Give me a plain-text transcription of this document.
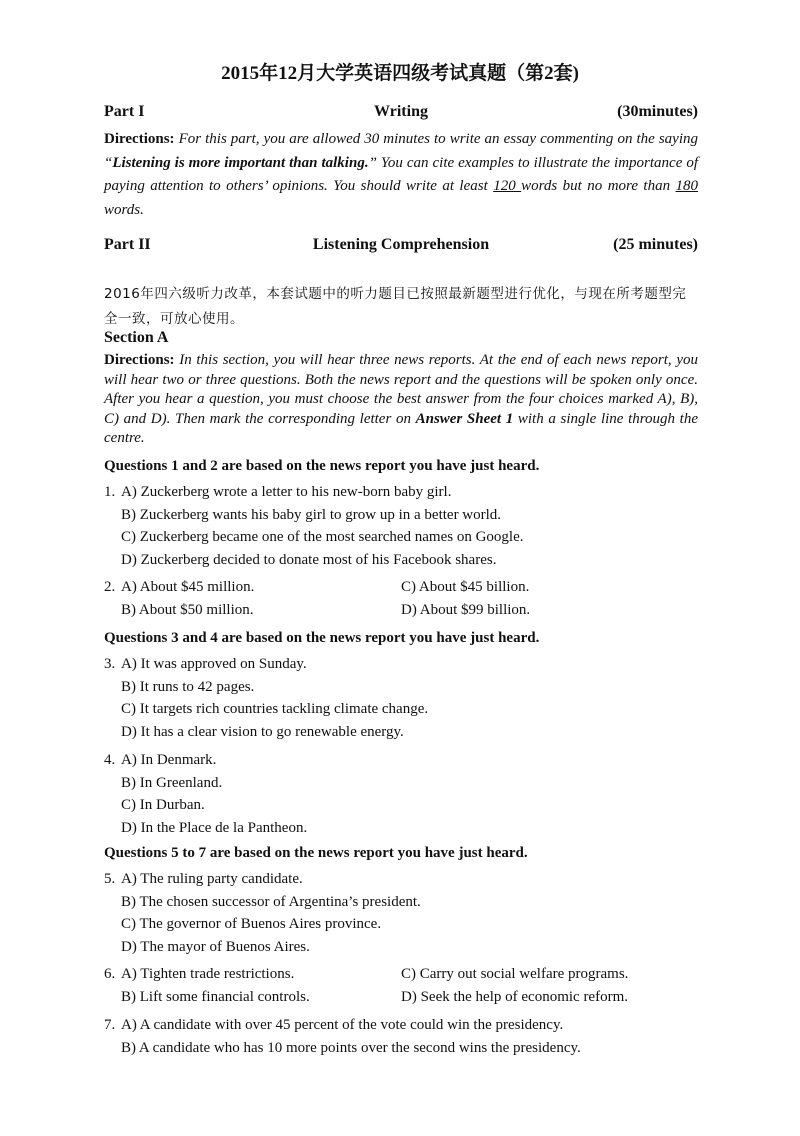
2015年12月大学英语四级考试真题（第2套)
Part I	Writing	(30minutes)
Directions: For this part, you are allowed 30 minutes to write an essay commenting on the saying “Listening is more important than talking.” You can cite examples to illustrate the importance of paying attention to others’ opinions. You should write at least 120 words but no more than 180 words.
Part II	Listening Comprehension	(25 minutes)
2016年四六级听力改革，本套试题中的听力题目已按照最新题型进行优化，与现在所考题型完全一致，可放心使用。
Section A
Directions: In this section, you will hear three news reports. At the end of each news report, you will hear two or three questions. Both the news report and the questions will be spoken only once. After you hear a question, you must choose the best answer from the four choices marked A), B), C) and D). Then mark the corresponding letter on Answer Sheet 1 with a single line through the centre.
Questions 1 and 2 are based on the news report you have just heard.
1. A) Zuckerberg wrote a letter to his new-born baby girl.
B) Zuckerberg wants his baby girl to grow up in a better world.
C) Zuckerberg became one of the most searched names on Google.
D) Zuckerberg decided to donate most of his Facebook shares.
2. A) About $45 million.	C) About $45 billion.
B) About $50 million.	D) About $99 billion.
Questions 3 and 4 are based on the news report you have just heard.
3. A) It was approved on Sunday.
B) It runs to 42 pages.
C) It targets rich countries tackling climate change.
D) It has a clear vision to go renewable energy.
4. A) In Denmark.
B) In Greenland.
C) In Durban.
D) In the Place de la Pantheon.
Questions 5 to 7 are based on the news report you have just heard.
5. A) The ruling party candidate.
B) The chosen successor of Argentina’s president.
C) The governor of Buenos Aires province.
D) The mayor of Buenos Aires.
6. A) Tighten trade restrictions.	C) Carry out social welfare programs.
B) Lift some financial controls.	D) Seek the help of economic reform.
7. A) A candidate with over 45 percent of the vote could win the presidency.
B) A candidate who has 10 more points over the second wins the presidency.
